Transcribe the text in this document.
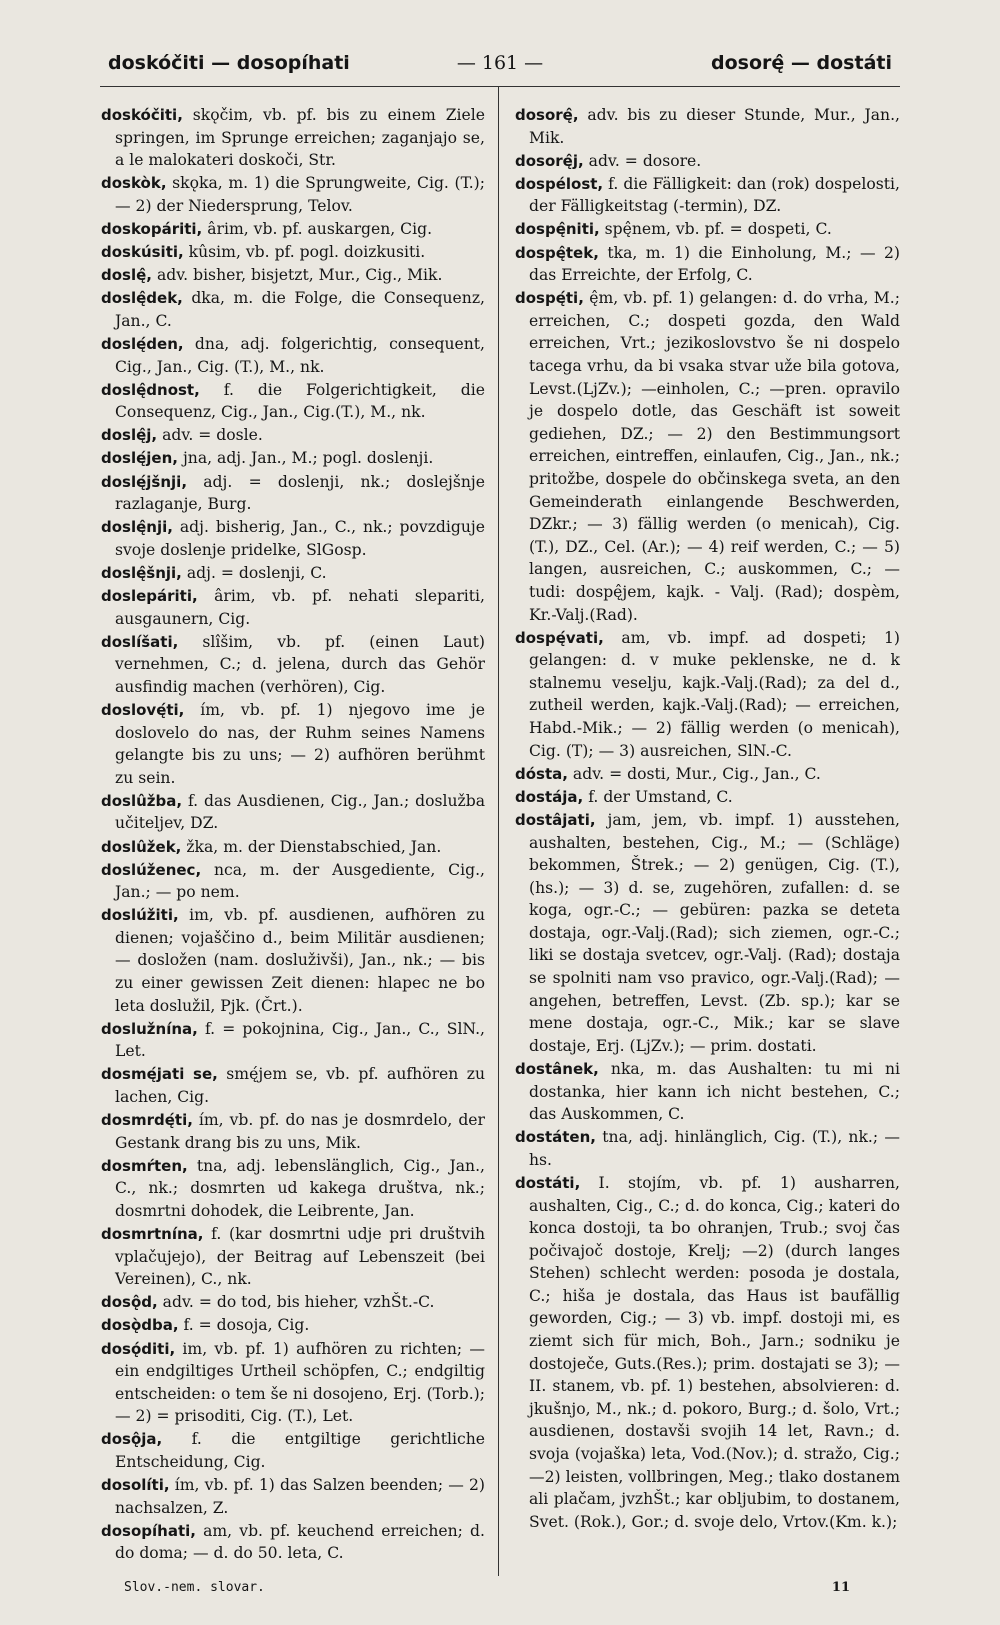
doskóčiti — dosopíhati	— 161 —	dosorę̂ — dostáti

doskóčiti, skǫčim, vb. pf. bis zu einem Ziele springen, im Sprunge erreichen; zaganjajo se, a le malokateri doskoči, Str.

doskòk, skǫka, m. 1) die Sprungweite, Cig. (T.); — 2) der Niedersprung, Telov.

doskopáriti, ârim, vb. pf. auskargen, Cig.

doskúsiti, kûsim, vb. pf. pogl. doizkusiti.

doslę̂, adv. bisher, bisjetzt, Mur., Cig., Mik.

doslę̂dek, dka, m. die Folge, die Consequenz, Jan., C.

doslę́den, dna, adj. folgerichtig, consequent, Cig., Jan., Cig. (T.), M., nk.

doslę̂dnost, f. die Folgerichtigkeit, die Consequenz, Cig., Jan., Cig.(T.), M., nk.

doslę̂j, adv. = dosle.

doslę́jen, jna, adj. Jan., M.; pogl. doslenji.

doslę́jšnji, adj. = doslenji, nk.; doslejšnje razlaganje, Burg.

doslę̂nji, adj. bisherig, Jan., C., nk.; povzdiguje svoje doslenje pridelke, SlGosp.

doslę̂šnji, adj. = doslenji, C.

doslepáriti, ârim, vb. pf. nehati slepariti, ausgaunern, Cig.

doslíšati, slîšim, vb. pf. (einen Laut) vernehmen, C.; d. jelena, durch das Gehör ausfindig machen (verhören), Cig.

doslovę́ti, ím, vb. pf. 1) njegovo ime je doslovelo do nas, der Ruhm seines Namens gelangte bis zu uns; — 2) aufhören berühmt zu sein.

doslûžba, f. das Ausdienen, Cig., Jan.; doslužba učiteljev, DZ.

doslûžek, žka, m. der Dienstabschied, Jan.

doslúženec, nca, m. der Ausgediente, Cig., Jan.; — po nem.

doslúžiti, im, vb. pf. ausdienen, aufhören zu dienen; vojaščino d., beim Militär ausdienen; — dosložen (nam. dosluživši), Jan., nk.; — bis zu einer gewissen Zeit dienen: hlapec ne bo leta doslužil, Pjk. (Črt.).

doslužnína, f. = pokojnina, Cig., Jan., C., SlN., Let.

dosmę́jati se, smę́jem se, vb. pf. aufhören zu lachen, Cig.

dosmrdę́ti, ím, vb. pf. do nas je dosmrdelo, der Gestank drang bis zu uns, Mik.

dosmŕten, tna, adj. lebenslänglich, Cig., Jan., C., nk.; dosmrten ud kakega društva, nk.; dosmrtni dohodek, die Leibrente, Jan.

dosmrtnína, f. (kar dosmrtni udje pri društvih vplačujejo), der Beitrag auf Lebenszeit (bei Vereinen), C., nk.

dosǫ̂d, adv. = do tod, bis hieher, vzhŠt.-C.

dosǫ̀dba, f. = dosoja, Cig.

dosǫ́diti, im, vb. pf. 1) aufhören zu richten; — ein endgiltiges Urtheil schöpfen, C.; endgiltig entscheiden: o tem še ni dosojeno, Erj. (Torb.); — 2) = prisoditi, Cig. (T.), Let.

dosǫ̂ja, f. die entgiltige gerichtliche Entscheidung, Cig.

dosolíti, ím, vb. pf. 1) das Salzen beenden; — 2) nachsalzen, Z.

dosopíhati, am, vb. pf. keuchend erreichen; d. do doma; — d. do 50. leta, C.

dosorę̂, adv. bis zu dieser Stunde, Mur., Jan., Mik.

dosorę̂j, adv. = dosore.

dospélost, f. die Fälligkeit: dan (rok) dospelosti, der Fälligkeitstag (-termin), DZ.

dospę̂niti, spę̂nem, vb. pf. = dospeti, C.

dospę̂tek, tka, m. 1) die Einholung, M.; — 2) das Erreichte, der Erfolg, C.

dospę́ti, ę̂m, vb. pf. 1) gelangen: d. do vrha, M.; erreichen, C.; dospeti gozda, den Wald erreichen, Vrt.; jezikoslovstvo še ni dospelo tacega vrhu, da bi vsaka stvar uže bila gotova, Levst.(LjZv.); —einholen, C.; —pren. opravilo je dospelo dotle, das Geschäft ist soweit gediehen, DZ.; — 2) den Bestimmungsort erreichen, eintreffen, einlaufen, Cig., Jan., nk.; pritožbe, dospele do občinskega sveta, an den Gemeinderath einlangende Beschwerden, DZkr.; — 3) fällig werden (o menicah), Cig. (T.), DZ., Cel. (Ar.); — 4) reif werden, C.; — 5) langen, ausreichen, C.; auskommen, C.; — tudi: dospę̂jem, kajk. - Valj. (Rad); dospèm, Kr.-Valj.(Rad).

dospę́vati, am, vb. impf. ad dospeti; 1) gelangen: d. v muke peklenske, ne d. k stalnemu veselju, kajk.-Valj.(Rad); za del d., zutheil werden, kajk.-Valj.(Rad); — erreichen, Habd.-Mik.; — 2) fällig werden (o menicah), Cig. (T); — 3) ausreichen, SlN.-C.

dósta, adv. = dosti, Mur., Cig., Jan., C.

dostája, f. der Umstand, C.

dostâjati, jam, jem, vb. impf. 1) ausstehen, aushalten, bestehen, Cig., M.; — (Schläge) bekommen, Štrek.; — 2) genügen, Cig. (T.), (hs.); — 3) d. se, zugehören, zufallen: d. se koga, ogr.-C.; — gebüren: pazka se deteta dostaja, ogr.-Valj.(Rad); sich ziemen, ogr.-C.; liki se dostaja svetcev, ogr.-Valj. (Rad); dostaja se spolniti nam vso pravico, ogr.-Valj.(Rad); —angehen, betreffen, Levst. (Zb. sp.); kar se mene dostaja, ogr.-C., Mik.; kar se slave dostaje, Erj. (LjZv.); — prim. dostati.

dostânek, nka, m. das Aushalten: tu mi ni dostanka, hier kann ich nicht bestehen, C.; das Auskommen, C.

dostáten, tna, adj. hinlänglich, Cig. (T.), nk.; — hs.

dostáti, I. stojím, vb. pf. 1) ausharren, aushalten, Cig., C.; d. do konca, Cig.; kateri do konca dostoji, ta bo ohranjen, Trub.; svoj čas počivajoč dostoje, Krelj; —2) (durch langes Stehen) schlecht werden: posoda je dostala, C.; hiša je dostala, das Haus ist baufällig geworden, Cig.; — 3) vb. impf. dostoji mi, es ziemt sich für mich, Boh., Jarn.; sodniku je dostoječe, Guts.(Res.); prim. dostajati se 3); — II. stanem, vb. pf. 1) bestehen, absolvieren: d. jkušnjo, M., nk.; d. pokoro, Burg.; d. šolo, Vrt.; ausdienen, dostavši svojih 14 let, Ravn.; d. svoja (vojaška) leta, Vod.(Nov.); d. stražo, Cig.; —2) leisten, vollbringen, Meg.; tlako dostanem ali plačam, jvzhŠt.; kar obljubim, to dostanem, Svet. (Rok.), Gor.; d. svoje delo, Vrtov.(Km. k.);

Slov.-nem. slovar.	11
